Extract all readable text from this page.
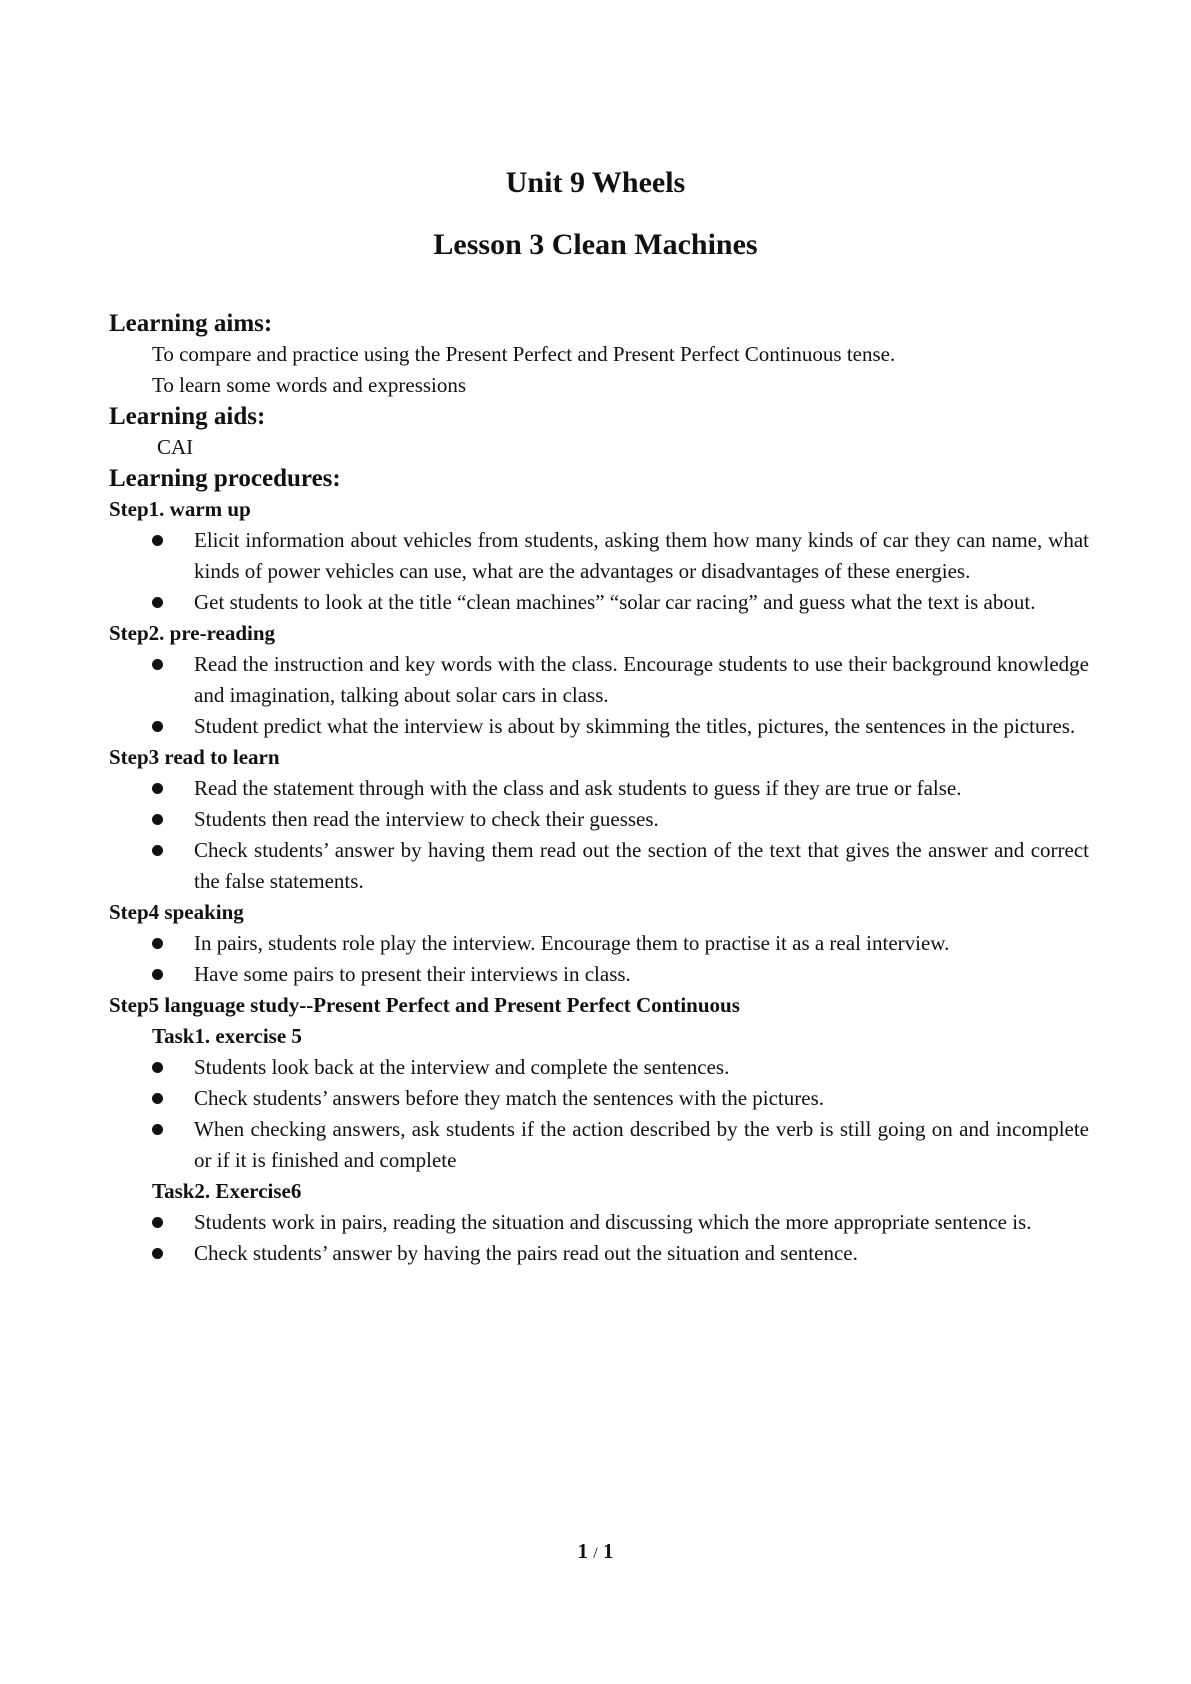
Unit 9 Wheels
Lesson 3 Clean Machines
Learning aims:
To compare and practice using the Present Perfect and Present Perfect Continuous tense.
To learn some words and expressions
Learning aids:
CAI
Learning procedures:
Step1. warm up
Elicit information about vehicles from students, asking them how many kinds of car they can name, what kinds of power vehicles can use, what are the advantages or disadvantages of these energies.
Get students to look at the title “clean machines” “solar car racing” and guess what the text is about.
Step2. pre-reading
Read the instruction and key words with the class. Encourage students to use their background knowledge and imagination, talking about solar cars in class.
Student predict what the interview is about by skimming the titles, pictures, the sentences in the pictures.
Step3 read to learn
Read the statement through with the class and ask students to guess if they are true or false.
Students then read the interview to check their guesses.
Check students’ answer by having them read out the section of the text that gives the answer and correct the false statements.
Step4 speaking
In pairs, students role play the interview. Encourage them to practise it as a real interview.
Have some pairs to present their interviews in class.
Step5 language study--Present Perfect and Present Perfect Continuous
Task1. exercise 5
Students look back at the interview and complete the sentences.
Check students’ answers before they match the sentences with the pictures.
When checking answers, ask students if the action described by the verb is still going on and incomplete or if it is finished and complete
Task2. Exercise6
Students work in pairs, reading the situation and discussing which the more appropriate sentence is.
Check students’ answer by having the pairs read out the situation and sentence.
1 / 1
